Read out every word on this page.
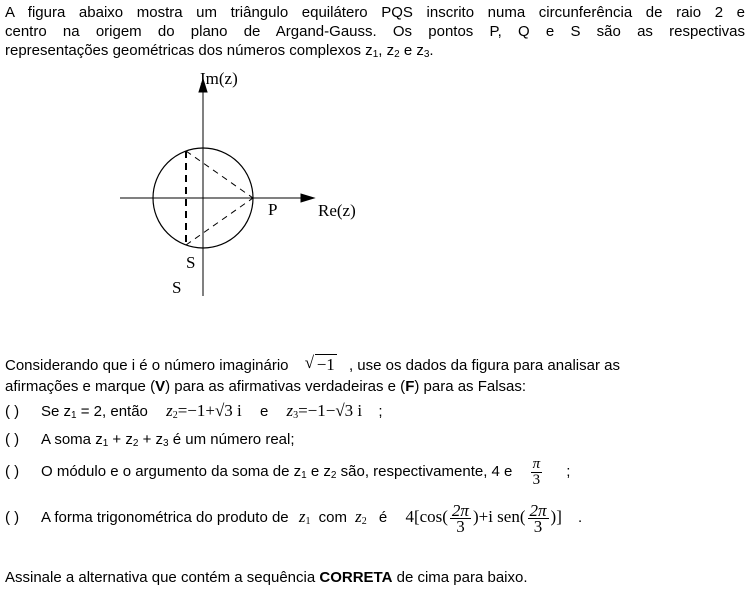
A figura abaixo mostra um triângulo equilátero PQS inscrito numa circunferência de raio 2 e
centro na origem do plano de Argand-Gauss. Os pontos P, Q e S são as respectivas
representações geométricas dos números complexos $z_1$, $z_2$ e $z_3$.
Im(z)
Re(z)
P
S
S
Considerando que i é o número imaginário √ −1 , use os dados da figura para analisar as
afirmações e marque (V) para as afirmativas verdadeiras e (F) para as Falsas:
( ) Se $z_1 = 2$, então $z_2=-1+√3$ i e $z_3=-1-√3$ i ;
( ) A soma $z_1 + z_2 + z_3$ é um número real;
( ) O módulo e o argumento da soma de $z_1$ e $z_2$ são, respectivamente, 4 e $\frac{\pi}{3}$ ;
( ) A forma trigonométrica do produto de $z_1$ com $z_2$ é $4[\cos( \frac{2\pi}{3} )+i$ $sen( \frac{2\pi}{3}$ )] .
Assinale a alternativa que contém a sequência CORRETA de cima para baixo.
